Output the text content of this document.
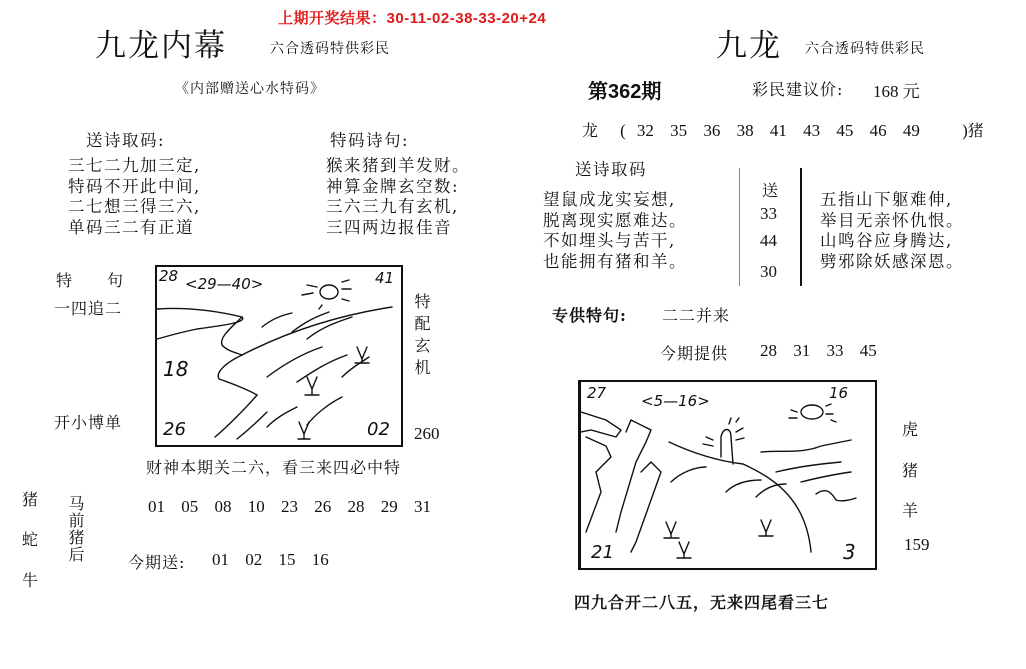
上期开奖结果：30-11-02-38-33-20+24
九龙内幕	六合透码特供彩民
《内部赠送心水特码》
送诗取码:
三七二九加三定,
特码不开此中间,
二七想三得三六,
单码三二有正道
特码诗句:
猴来猪到羊发财。
神算金牌玄空数:
三六三九有玄机,
三四两边报佳音
特　　句
一四追二
开小博单
28 <29—40>	41
18
26	02
特配玄机
260
财神本期关二六，看三来四必中特
猪
蛇
牛
马前猪后	01 05 08 10 23 26 28 29 31
今期送: 01 02 15 16
九龙 六合透码特供彩民
第362期	彩民建议价: 168 元
龙 ( 32 35 36 38 41 43 45 46 49 )猪
送诗取码
望鼠成龙实妄想,
脱离现实愿难达。
不如埋头与苦干,
也能拥有猪和羊。
送
33
44
30
五指山下躯难伸,
举目无亲怀仇恨。
山鸣谷应身腾达,
劈邪除妖感深恩。
专供特句: 二二并来
今期提供 28 31 33 45
27 <5—16>	16
21	3
虎
猪
羊
159
四九合开二八五，无来四尾看三七
